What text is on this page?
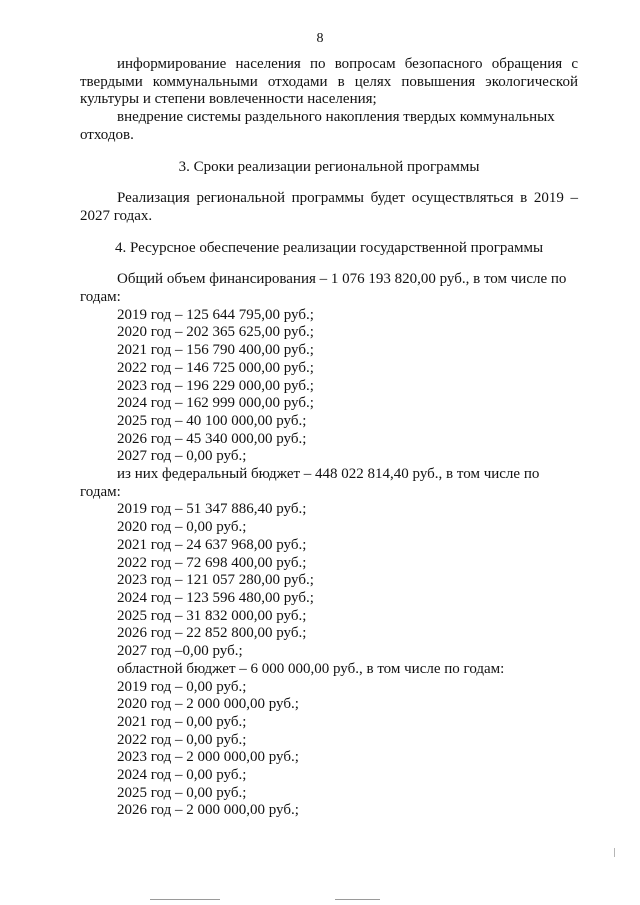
8

информирование населения по вопросам безопасного обращения с твердыми коммунальными отходами в целях повышения экологической культуры и степени вовлеченности населения;

внедрение системы раздельного накопления твердых коммунальных отходов.

3. Сроки реализации региональной программы

Реализация региональной программы будет осуществляться в 2019 – 2027 годах.

4. Ресурсное обеспечение реализации государственной программы

Общий объем финансирования – 1 076 193 820,00 руб., в том числе по годам:

2019 год – 125 644 795,00 руб.;

2020 год – 202 365 625,00 руб.;

2021 год – 156 790 400,00 руб.;

2022 год – 146 725 000,00 руб.;

2023 год – 196 229 000,00 руб.;

2024 год – 162 999 000,00 руб.;

2025 год – 40 100 000,00 руб.;

2026 год – 45 340 000,00 руб.;

2027 год – 0,00 руб.;

из них федеральный бюджет – 448 022 814,40 руб., в том числе по годам:

2019 год – 51 347 886,40 руб.;

2020 год – 0,00 руб.;

2021 год – 24 637 968,00 руб.;

2022 год – 72 698 400,00 руб.;

2023 год – 121 057 280,00 руб.;

2024 год – 123 596 480,00 руб.;

2025 год – 31 832 000,00 руб.;

2026 год – 22 852 800,00 руб.;

2027 год –0,00 руб.;

областной бюджет – 6 000 000,00 руб., в том числе по годам:

2019 год – 0,00 руб.;

2020 год – 2 000 000,00 руб.;

2021 год – 0,00 руб.;

2022 год – 0,00 руб.;

2023 год – 2 000 000,00 руб.;

2024 год – 0,00 руб.;

2025 год – 0,00 руб.;

2026 год – 2 000 000,00 руб.;
